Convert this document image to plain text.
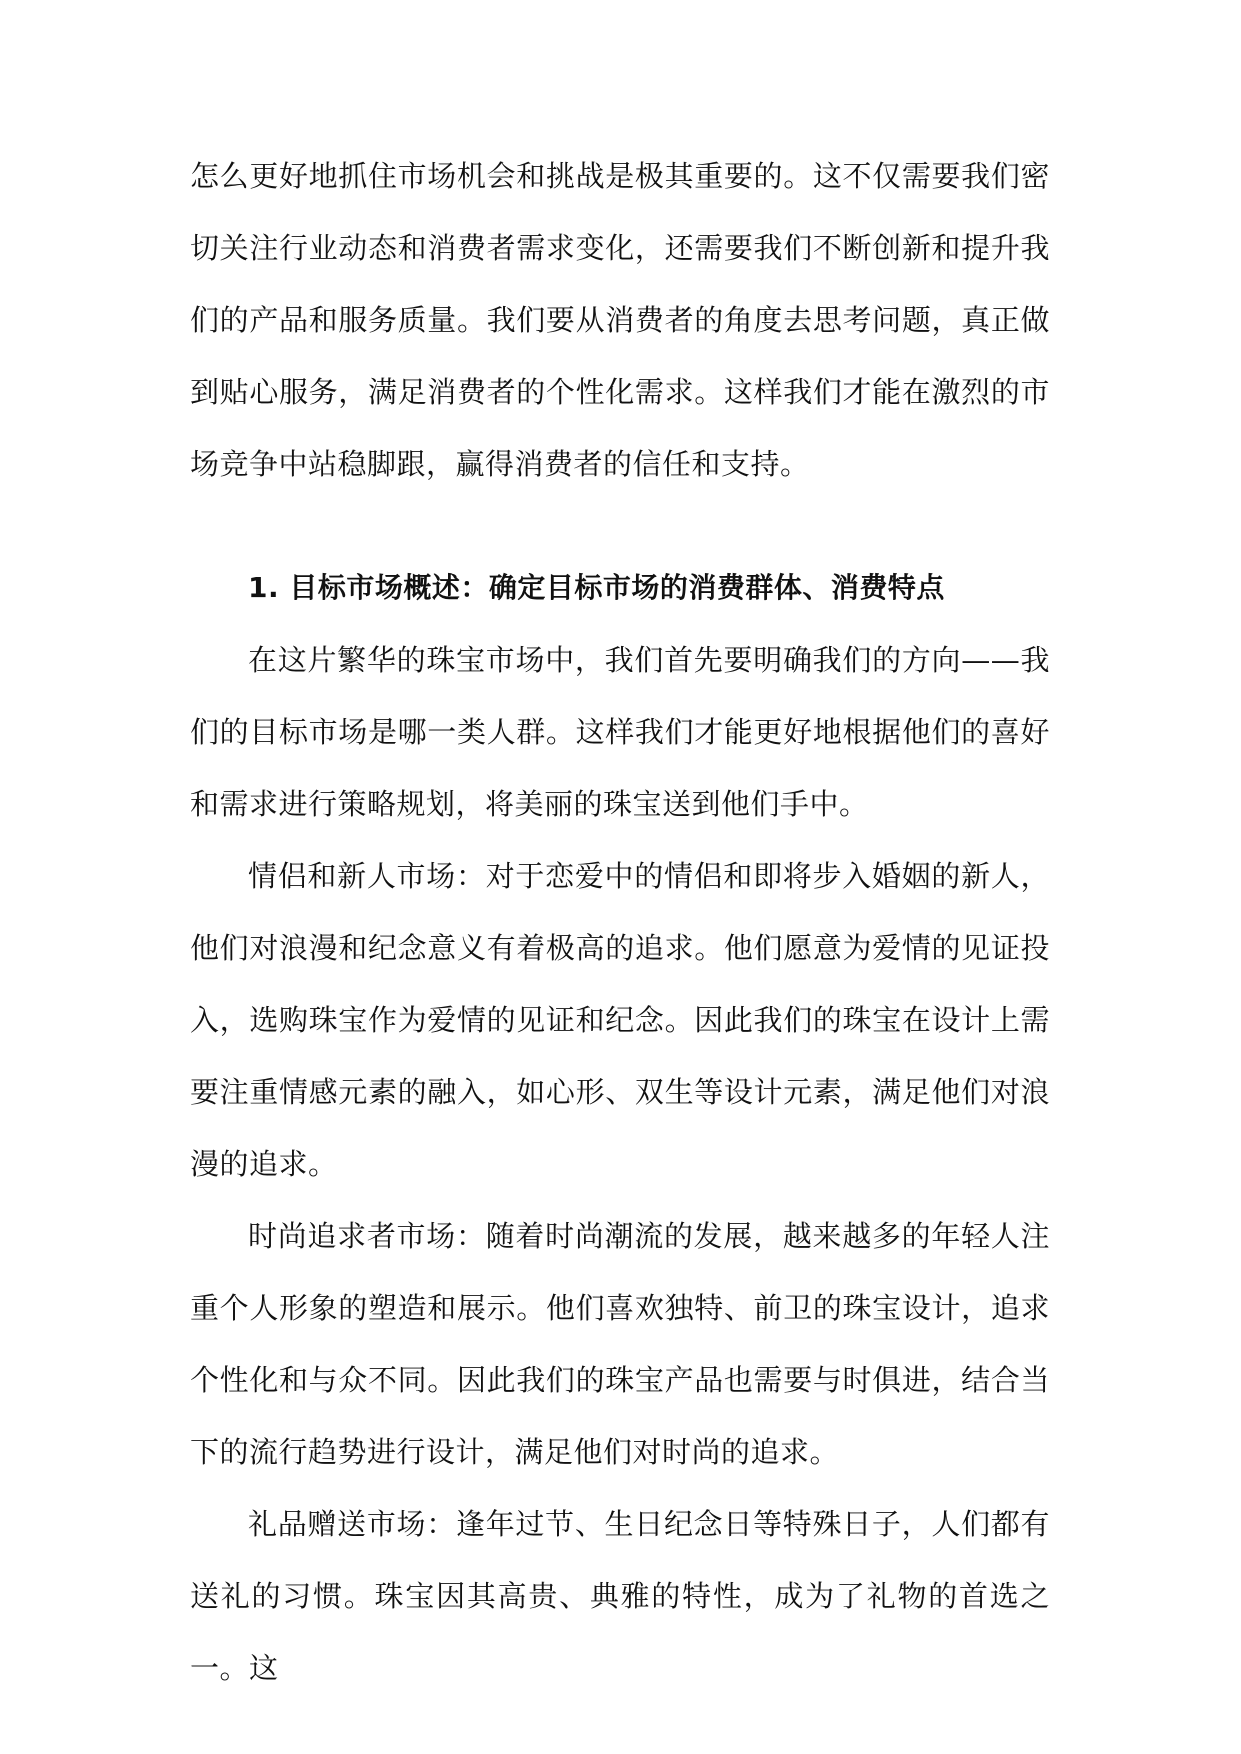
怎么更好地抓住市场机会和挑战是极其重要的。这不仅需要我们密切关注行业动态和消费者需求变化，还需要我们不断创新和提升我们的产品和服务质量。我们要从消费者的角度去思考问题，真正做到贴心服务，满足消费者的个性化需求。这样我们才能在激烈的市场竞争中站稳脚跟，赢得消费者的信任和支持。

1. 目标市场概述：确定目标市场的消费群体、消费特点

在这片繁华的珠宝市场中，我们首先要明确我们的方向——我们的目标市场是哪一类人群。这样我们才能更好地根据他们的喜好和需求进行策略规划，将美丽的珠宝送到他们手中。

情侣和新人市场：对于恋爱中的情侣和即将步入婚姻的新人，他们对浪漫和纪念意义有着极高的追求。他们愿意为爱情的见证投入，选购珠宝作为爱情的见证和纪念。因此我们的珠宝在设计上需要注重情感元素的融入，如心形、双生等设计元素，满足他们对浪漫的追求。

时尚追求者市场：随着时尚潮流的发展，越来越多的年轻人注重个人形象的塑造和展示。他们喜欢独特、前卫的珠宝设计，追求个性化和与众不同。因此我们的珠宝产品也需要与时俱进，结合当下的流行趋势进行设计，满足他们对时尚的追求。

礼品赠送市场：逢年过节、生日纪念日等特殊日子，人们都有送礼的习惯。珠宝因其高贵、典雅的特性，成为了礼物的首选之一。这
